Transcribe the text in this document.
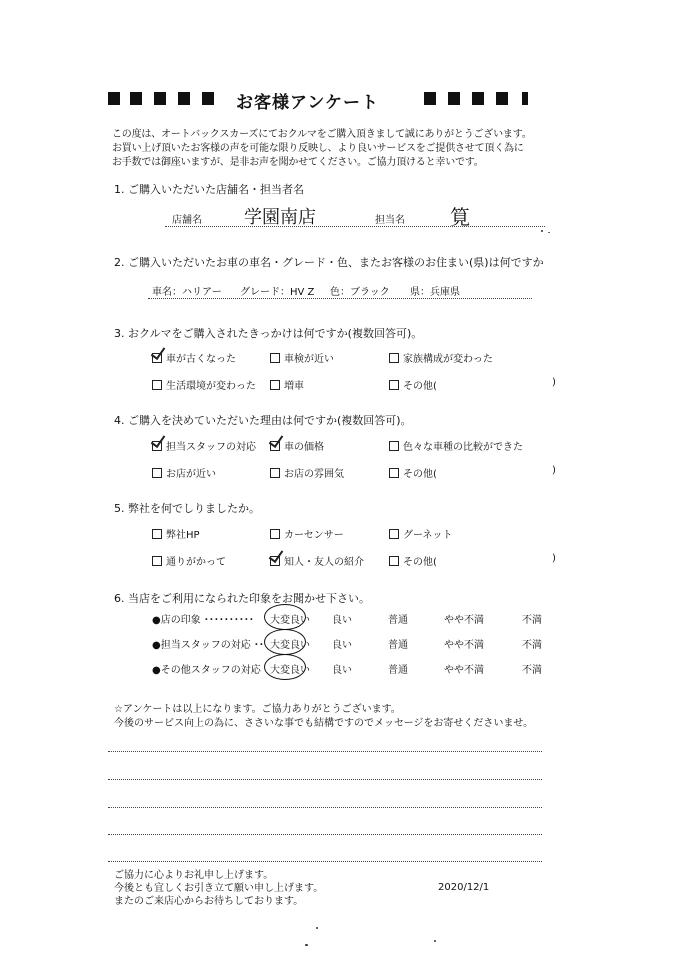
お客様アンケート
この度は、オートバックスカーズにておクルマをご購入頂きまして誠にありがとうございます。
お買い上げ頂いたお客様の声を可能な限り反映し、より良いサービスをご提供させて頂く為に
お手数では御座いますが、是非お声を聞かせてください。ご協力頂けると幸いです。
1. ご購入いただいた店舗名・担当者名
店舗名 学園南店	担当名 筧
2. ご購入いただいたお車の車名・グレード・色、またお客様のお住まい(県)は何ですか
車名：ハリアー グレード：HV Z 色：ブラック 県：兵庫県
3. おクルマをご購入されたきっかけは何ですか(複数回答可)。
車が古くなった	車検が近い	家族構成が変わった
生活環境が変わった	増車	その他(	)
4. ご購入を決めていただいた理由は何ですか(複数回答可)。
担当スタッフの対応	車の価格	色々な車種の比較ができた
お店が近い	お店の雰囲気	その他(	)
5. 弊社を何でしりましたか。
弊社HP	カーセンサー	グーネット
通りがかって	知人・友人の紹介	その他(	)
6. 当店をご利用になられた印象をお聞かせ下さい。
●店の印象 ･･････････ 大変良い 良い	普通	やや不満	不満
●担当スタッフの対応 ･･ 大変良い 良い	普通	やや不満	不満
●その他スタッフの対応 大変良い 良い	普通	やや不満	不満
☆アンケートは以上になります。ご協力ありがとうございます。
今後のサービス向上の為に、ささいな事でも結構ですのでメッセージをお寄せくださいませ。
ご協力に心よりお礼申し上げます。
今後とも宜しくお引き立て願い申し上げます。
またのご来店心からお待ちしております。
2020/12/1
